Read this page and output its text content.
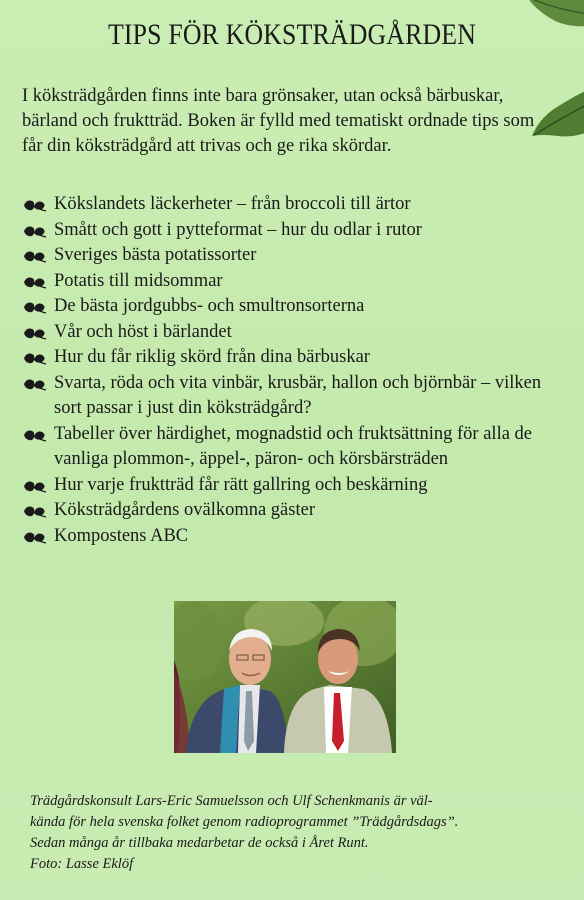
TIPS FÖR KÖKSTRÄDGÅRDEN

I köksträdgården finns inte bara grönsaker, utan också bärbuskar, bärland och fruktträd. Boken är fylld med tematiskt ordnade tips som får din köksträdgård att trivas och ge rika skördar.

Kökslandets läckerheter – från broccoli till ärtor
Smått och gott i pytteformat – hur du odlar i rutor
Sveriges bästa potatissorter
Potatis till midsommar
De bästa jordgubbs- och smultronsorterna
Vår och höst i bärlandet
Hur du får riklig skörd från dina bärbuskar
Svarta, röda och vita vinbär, krusbär, hallon och björnbär – vilken sort passar i just din köksträdgård?
Tabeller över härdighet, mognadstid och fruktsättning för alla de vanliga plommon-, äppel-, päron- och körsbärsträden
Hur varje fruktträd får rätt gallring och beskärning
Köksträdgårdens ovälkomna gäster
Kompostens ABC

Trädgårdskonsult Lars-Eric Samuelsson och Ulf Schenkmanis är väl-
kända för hela svenska folket genom radioprogrammet ”Trädgårdsdags”.
Sedan många år tillbaka medarbetar de också i Året Runt.
Foto: Lasse Eklöf
